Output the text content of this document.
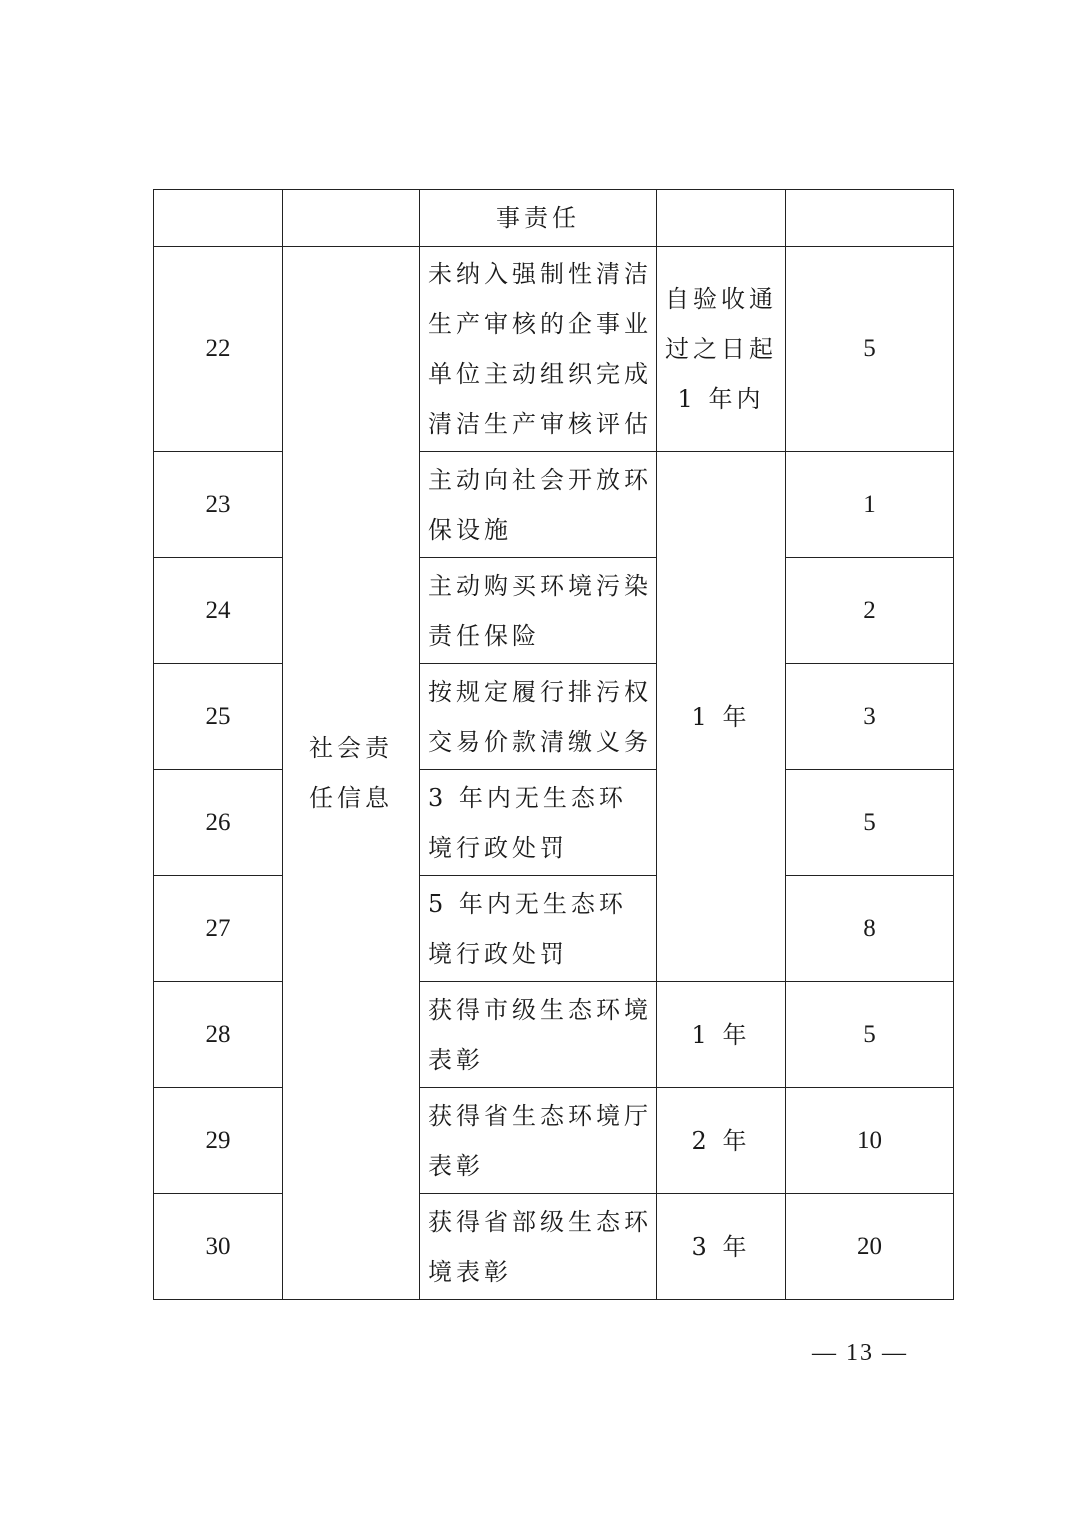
		事责任		

22	社会责任信息	未纳入强制性清洁生产审核的企事业单位主动组织完成清洁生产审核评估	自验收通过之日起 1 年内	5
23		主动向社会开放环保设施	1 年	1
24		主动购买环境污染责任保险		2
25		按规定履行排污权交易价款清缴义务		3
26		3 年内无生态环境行政处罚		5
27		5 年内无生态环境行政处罚		8
28		获得市级生态环境表彰	1 年	5
29		获得省生态环境厅表彰	2 年	10
30		获得省部级生态环境表彰	3 年	20
— 13 —
